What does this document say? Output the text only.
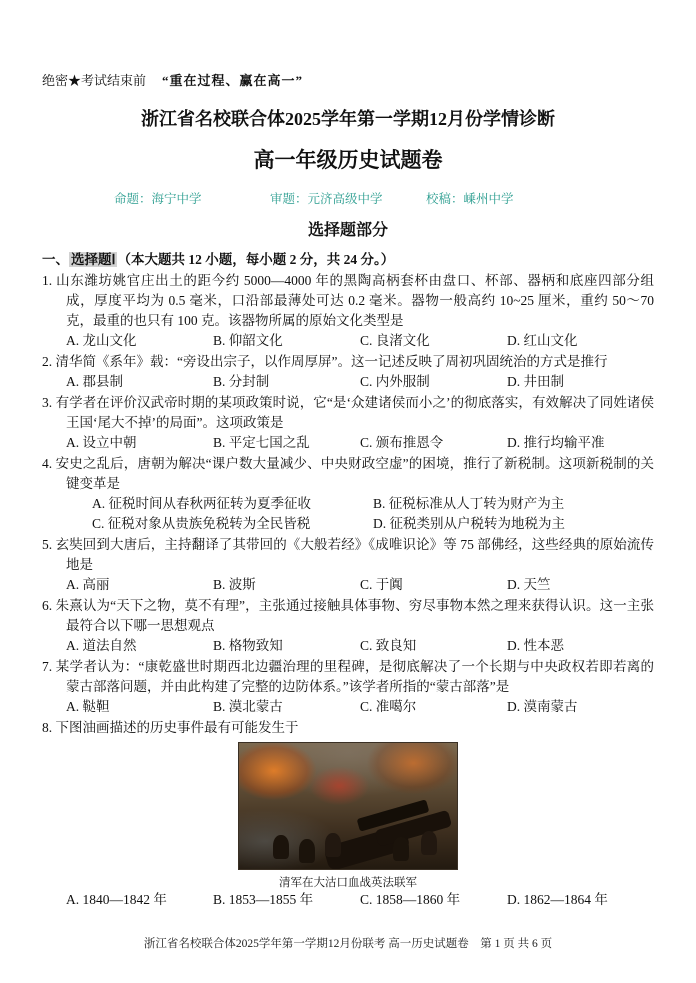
绝密★考试结束前 “重在过程、赢在高一”
浙江省名校联合体2025学年第一学期12月份学情诊断
高一年级历史试题卷
命题：海宁中学	审题：元济高级中学	校稿：嵊州中学
选择题部分
一、 选择题Ⅰ （本大题共 12 小题，每小题 2 分，共 24 分。）
1. 山东潍坊姚官庄出土的距今约 5000—4000 年的黑陶高柄套杯由盘口、杯部、器柄和底座四部分组成，厚度平均为 0.5 毫米，口沿部最薄处可达 0.2 毫米。器物一般高约 10~25 厘米，重约 50～70 克，最重的也只有 100 克。该器物所属的原始文化类型是
A. 龙山文化	B. 仰韶文化	C. 良渚文化	D. 红山文化
2. 清华简《系年》载：“旁设出宗子，以作周厚屏”。这一记述反映了周初巩固统治的方式是推行
A. 郡县制	B. 分封制	C. 内外服制	D. 井田制
3. 有学者在评价汉武帝时期的某项政策时说，它“是‘众建诸侯而小之’的彻底落实，有效解决了同姓诸侯王国‘尾大不掉’的局面”。这项政策是
A. 设立中朝	B. 平定七国之乱	C. 颁布推恩令	D. 推行均输平准
4. 安史之乱后，唐朝为解决“课户数大量减少、中央财政空虚”的困境，推行了新税制。这项新税制的关键变革是
A. 征税时间从春秋两征转为夏季征收	B. 征税标准从人丁转为财产为主
C. 征税对象从贵族免税转为全民皆税	D. 征税类别从户税转为地税为主
5. 玄奘回到大唐后，主持翻译了其带回的《大般若经》《成唯识论》等 75 部佛经，这些经典的原始流传地是
A. 高丽	B. 波斯	C. 于阗	D. 天竺
6. 朱熹认为“天下之物，莫不有理”，主张通过接触具体事物、穷尽事物本然之理来获得认识。这一主张最符合以下哪一思想观点
A. 道法自然	B. 格物致知	C. 致良知	D. 性本恶
7. 某学者认为：“康乾盛世时期西北边疆治理的里程碑，是彻底解决了一个长期与中央政权若即若离的蒙古部落问题，并由此构建了完整的边防体系。”该学者所指的“蒙古部落”是
A. 鞑靼	B. 漠北蒙古	C. 准噶尔	D. 漠南蒙古
8. 下图油画描述的历史事件最有可能发生于
清军在大沽口血战英法联军
A. 1840—1842 年	B. 1853—1855 年	C. 1858—1860 年	D. 1862—1864 年
浙江省名校联合体2025学年第一学期12月份联考 高一历史试题卷　第 1 页 共 6 页
